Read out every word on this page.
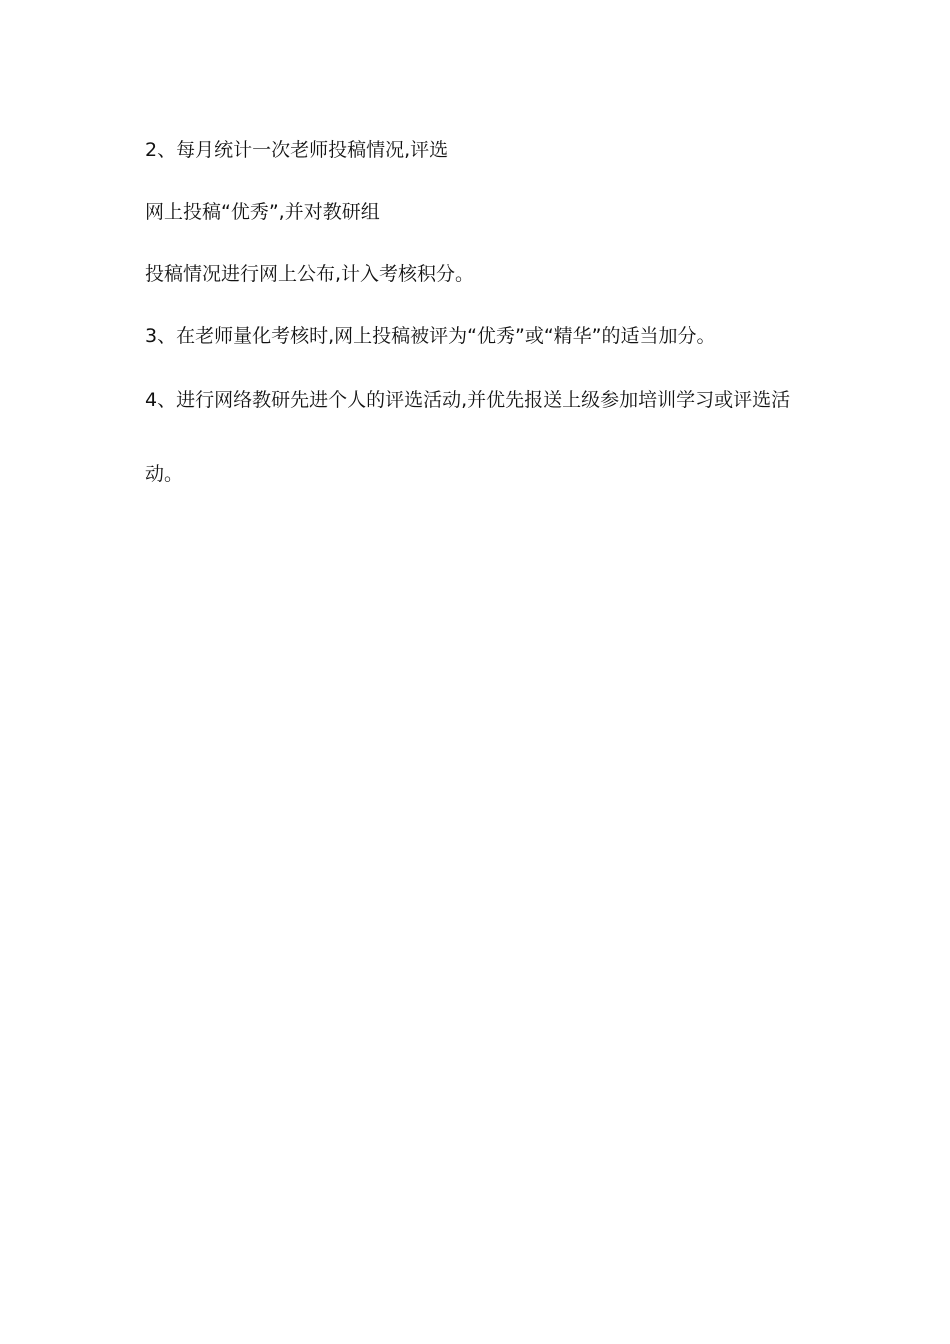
2、每月统计一次老师投稿情况,评选
网上投稿“优秀”,并对教研组
投稿情况进行网上公布,计入考核积分。
3、在老师量化考核时,网上投稿被评为“优秀”或“精华”的适当加分。
4、进行网络教研先进个人的评选活动,并优先报送上级参加培训学习或评选活
动。
